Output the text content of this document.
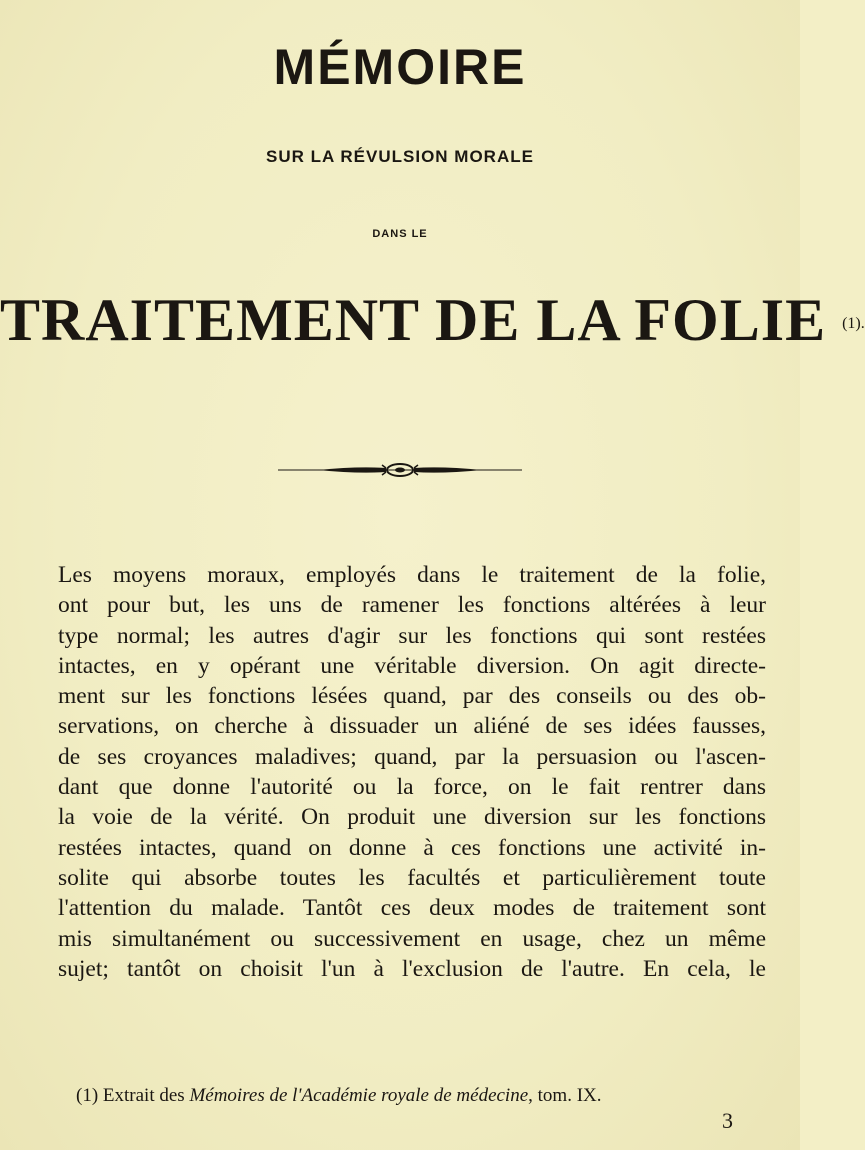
MÉMOIRE
SUR LA RÉVULSION MORALE
DANS LE
TRAITEMENT DE LA FOLIE $^{(1).}$
Les moyens moraux, employés dans le traitement de la folie,
ont pour but, les uns de ramener les fonctions altérées à leur
type normal; les autres d'agir sur les fonctions qui sont restées
intactes, en y opérant une véritable diversion. On agit directe-
ment sur les fonctions lésées quand, par des conseils ou des ob-
servations, on cherche à dissuader un aliéné de ses idées fausses,
de ses croyances maladives; quand, par la persuasion ou l'ascen-
dant que donne l'autorité ou la force, on le fait rentrer dans
la voie de la vérité. On produit une diversion sur les fonctions
restées intactes, quand on donne à ces fonctions une activité in-
solite qui absorbe toutes les facultés et particulièrement toute
l'attention du malade. Tantôt ces deux modes de traitement sont
mis simultanément ou successivement en usage, chez un même
sujet; tantôt on choisit l'un à l'exclusion de l'autre. En cela, le
(1) Extrait des Mémoires de l'Académie royale de médecine, tom. IX.
3
